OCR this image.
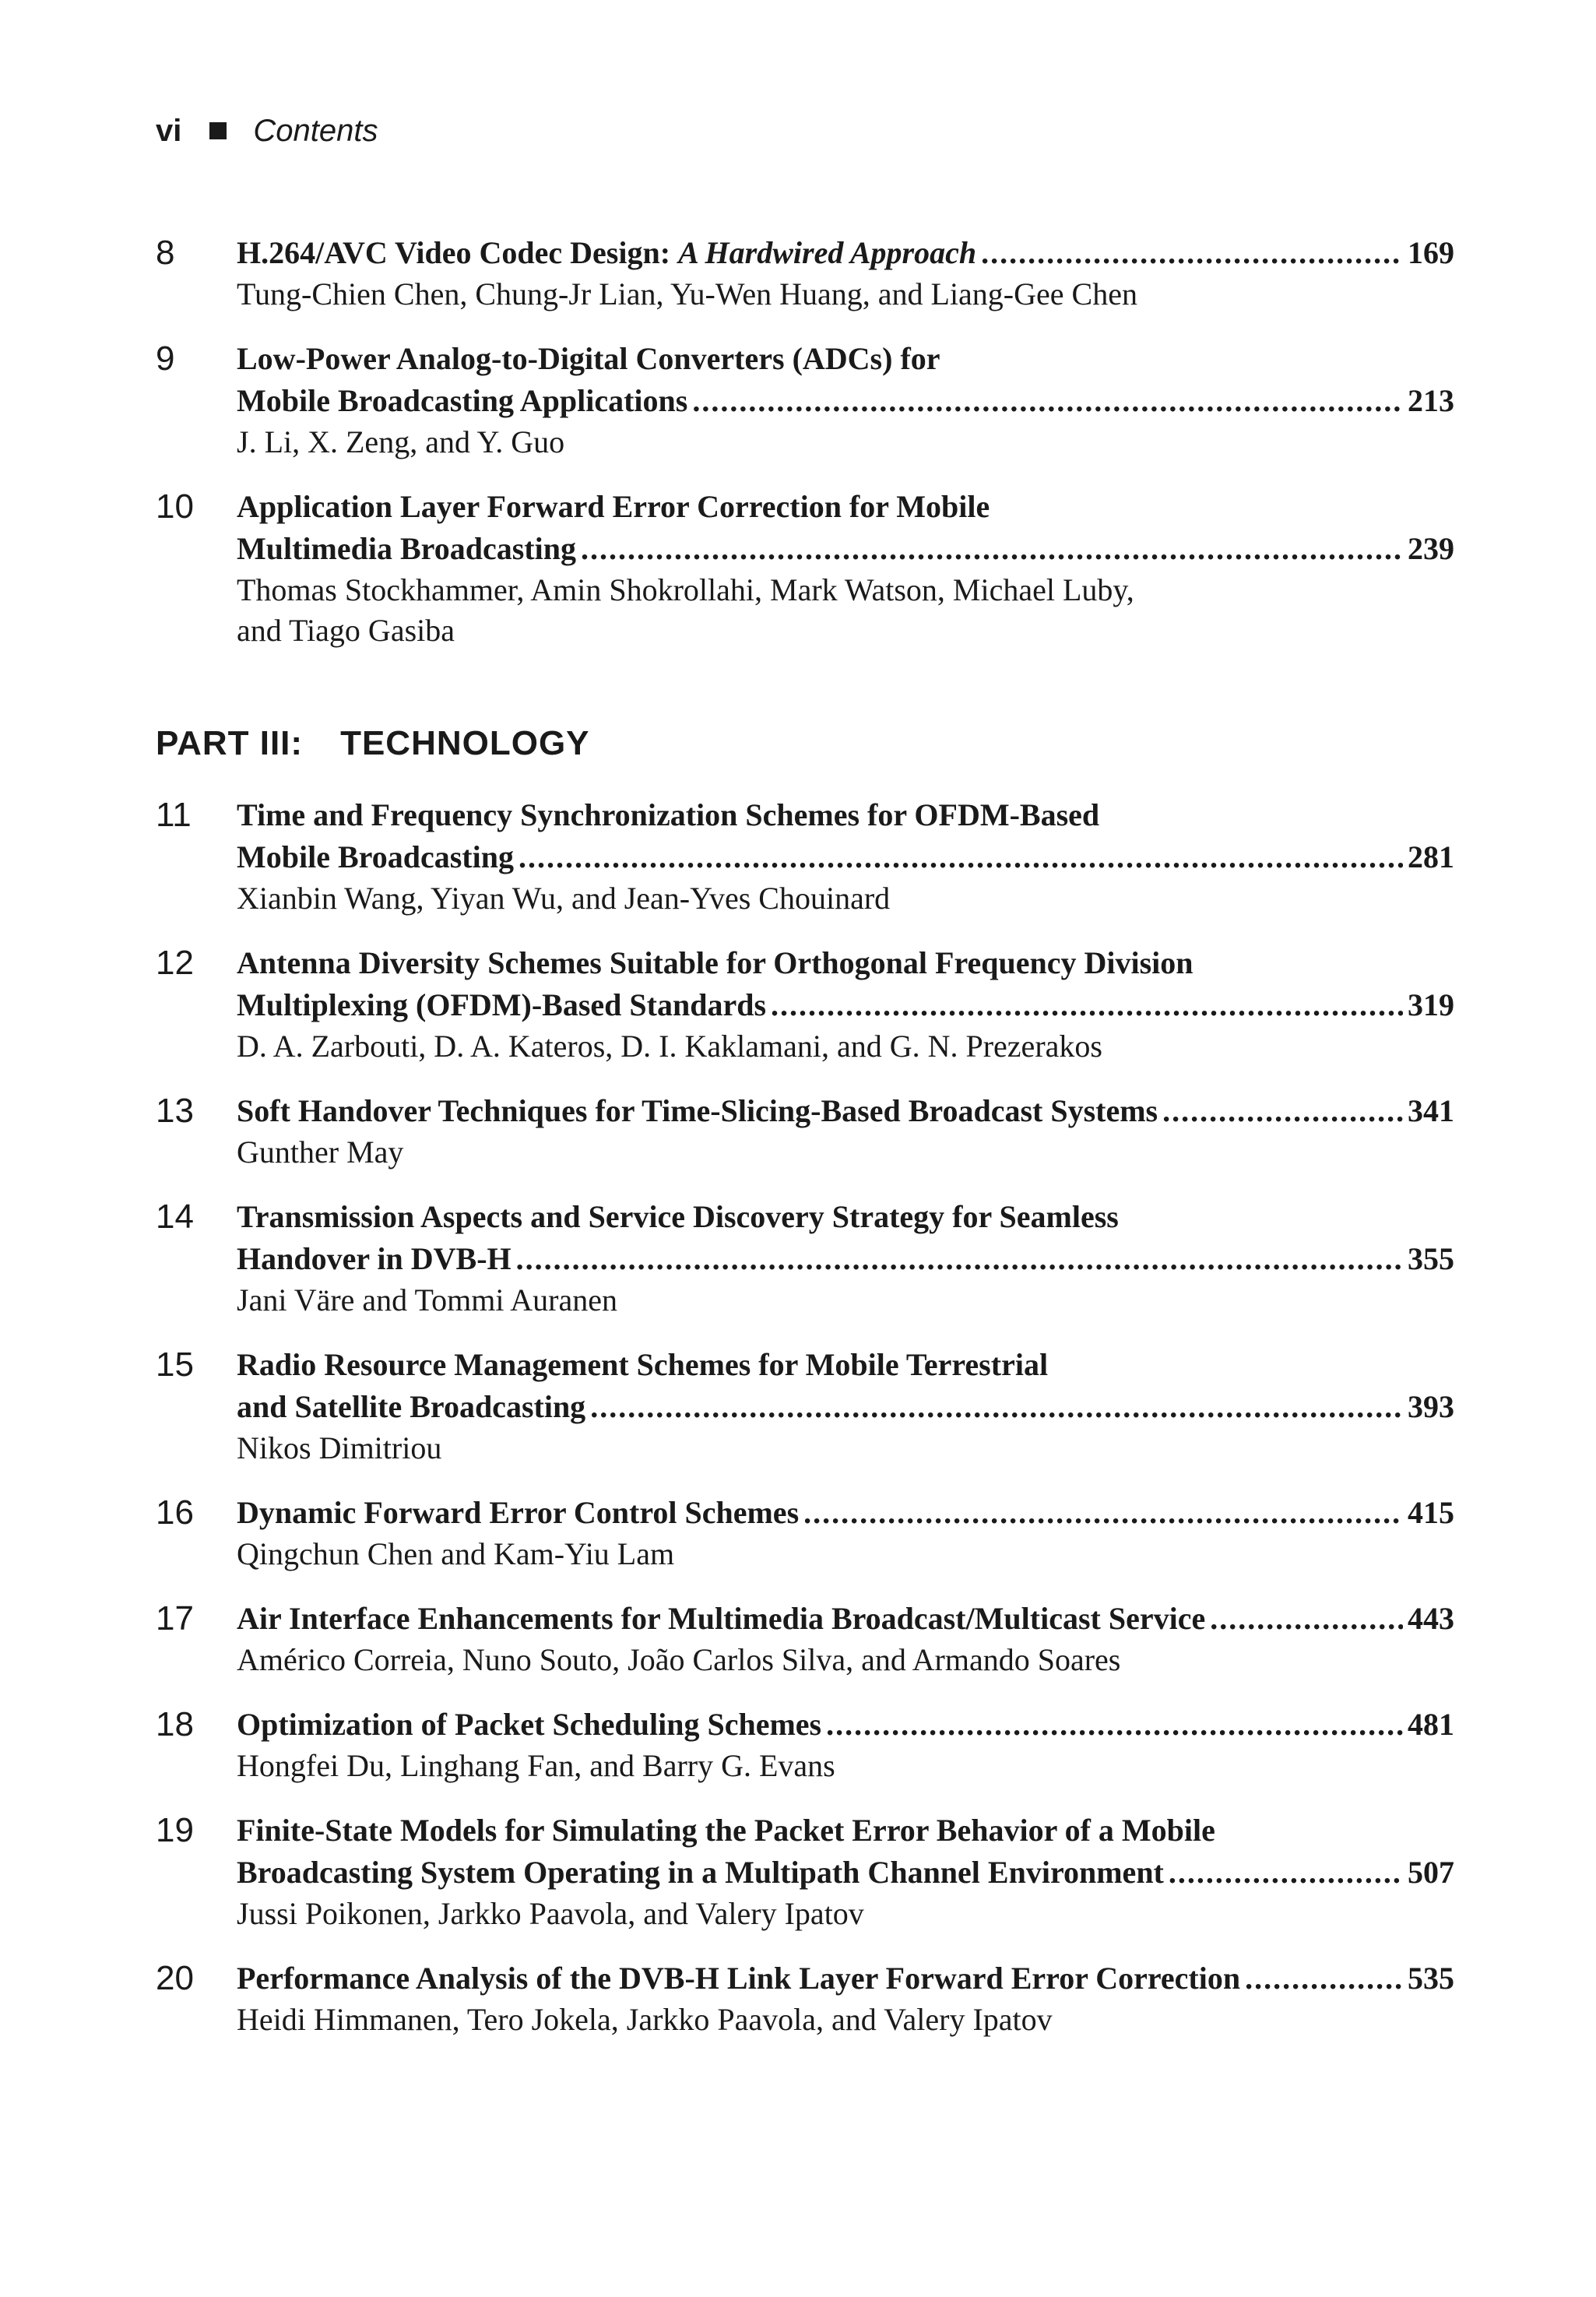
vi Contents
8	H.264/AVC Video Codec Design: A Hardwired Approach .....	169
Tung-Chien Chen, Chung-Jr Lian, Yu-Wen Huang, and Liang-Gee Chen
9	Low-Power Analog-to-Digital Converters (ADCs) for
Mobile Broadcasting Applications .....	213
J. Li, X. Zeng, and Y. Guo
10	Application Layer Forward Error Correction for Mobile
Multimedia Broadcasting .....	239
Thomas Stockhammer, Amin Shokrollahi, Mark Watson, Michael Luby,
and Tiago Gasiba
PART III: TECHNOLOGY
11	Time and Frequency Synchronization Schemes for OFDM-Based
Mobile Broadcasting .....	281
Xianbin Wang, Yiyan Wu, and Jean-Yves Chouinard
12	Antenna Diversity Schemes Suitable for Orthogonal Frequency Division
Multiplexing (OFDM)-Based Standards .....	319
D. A. Zarbouti, D. A. Kateros, D. I. Kaklamani, and G. N. Prezerakos
13	Soft Handover Techniques for Time-Slicing-Based Broadcast Systems .....	341
Gunther May
14	Transmission Aspects and Service Discovery Strategy for Seamless
Handover in DVB-H .....	355
Jani Väre and Tommi Auranen
15	Radio Resource Management Schemes for Mobile Terrestrial
and Satellite Broadcasting .....	393
Nikos Dimitriou
16	Dynamic Forward Error Control Schemes .....	415
Qingchun Chen and Kam-Yiu Lam
17	Air Interface Enhancements for Multimedia Broadcast/Multicast Service .....	443
Américo Correia, Nuno Souto, João Carlos Silva, and Armando Soares
18	Optimization of Packet Scheduling Schemes .....	481
Hongfei Du, Linghang Fan, and Barry G. Evans
19	Finite-State Models for Simulating the Packet Error Behavior of a Mobile
Broadcasting System Operating in a Multipath Channel Environment .....	507
Jussi Poikonen, Jarkko Paavola, and Valery Ipatov
20	Performance Analysis of the DVB-H Link Layer Forward Error Correction .....	535
Heidi Himmanen, Tero Jokela, Jarkko Paavola, and Valery Ipatov
